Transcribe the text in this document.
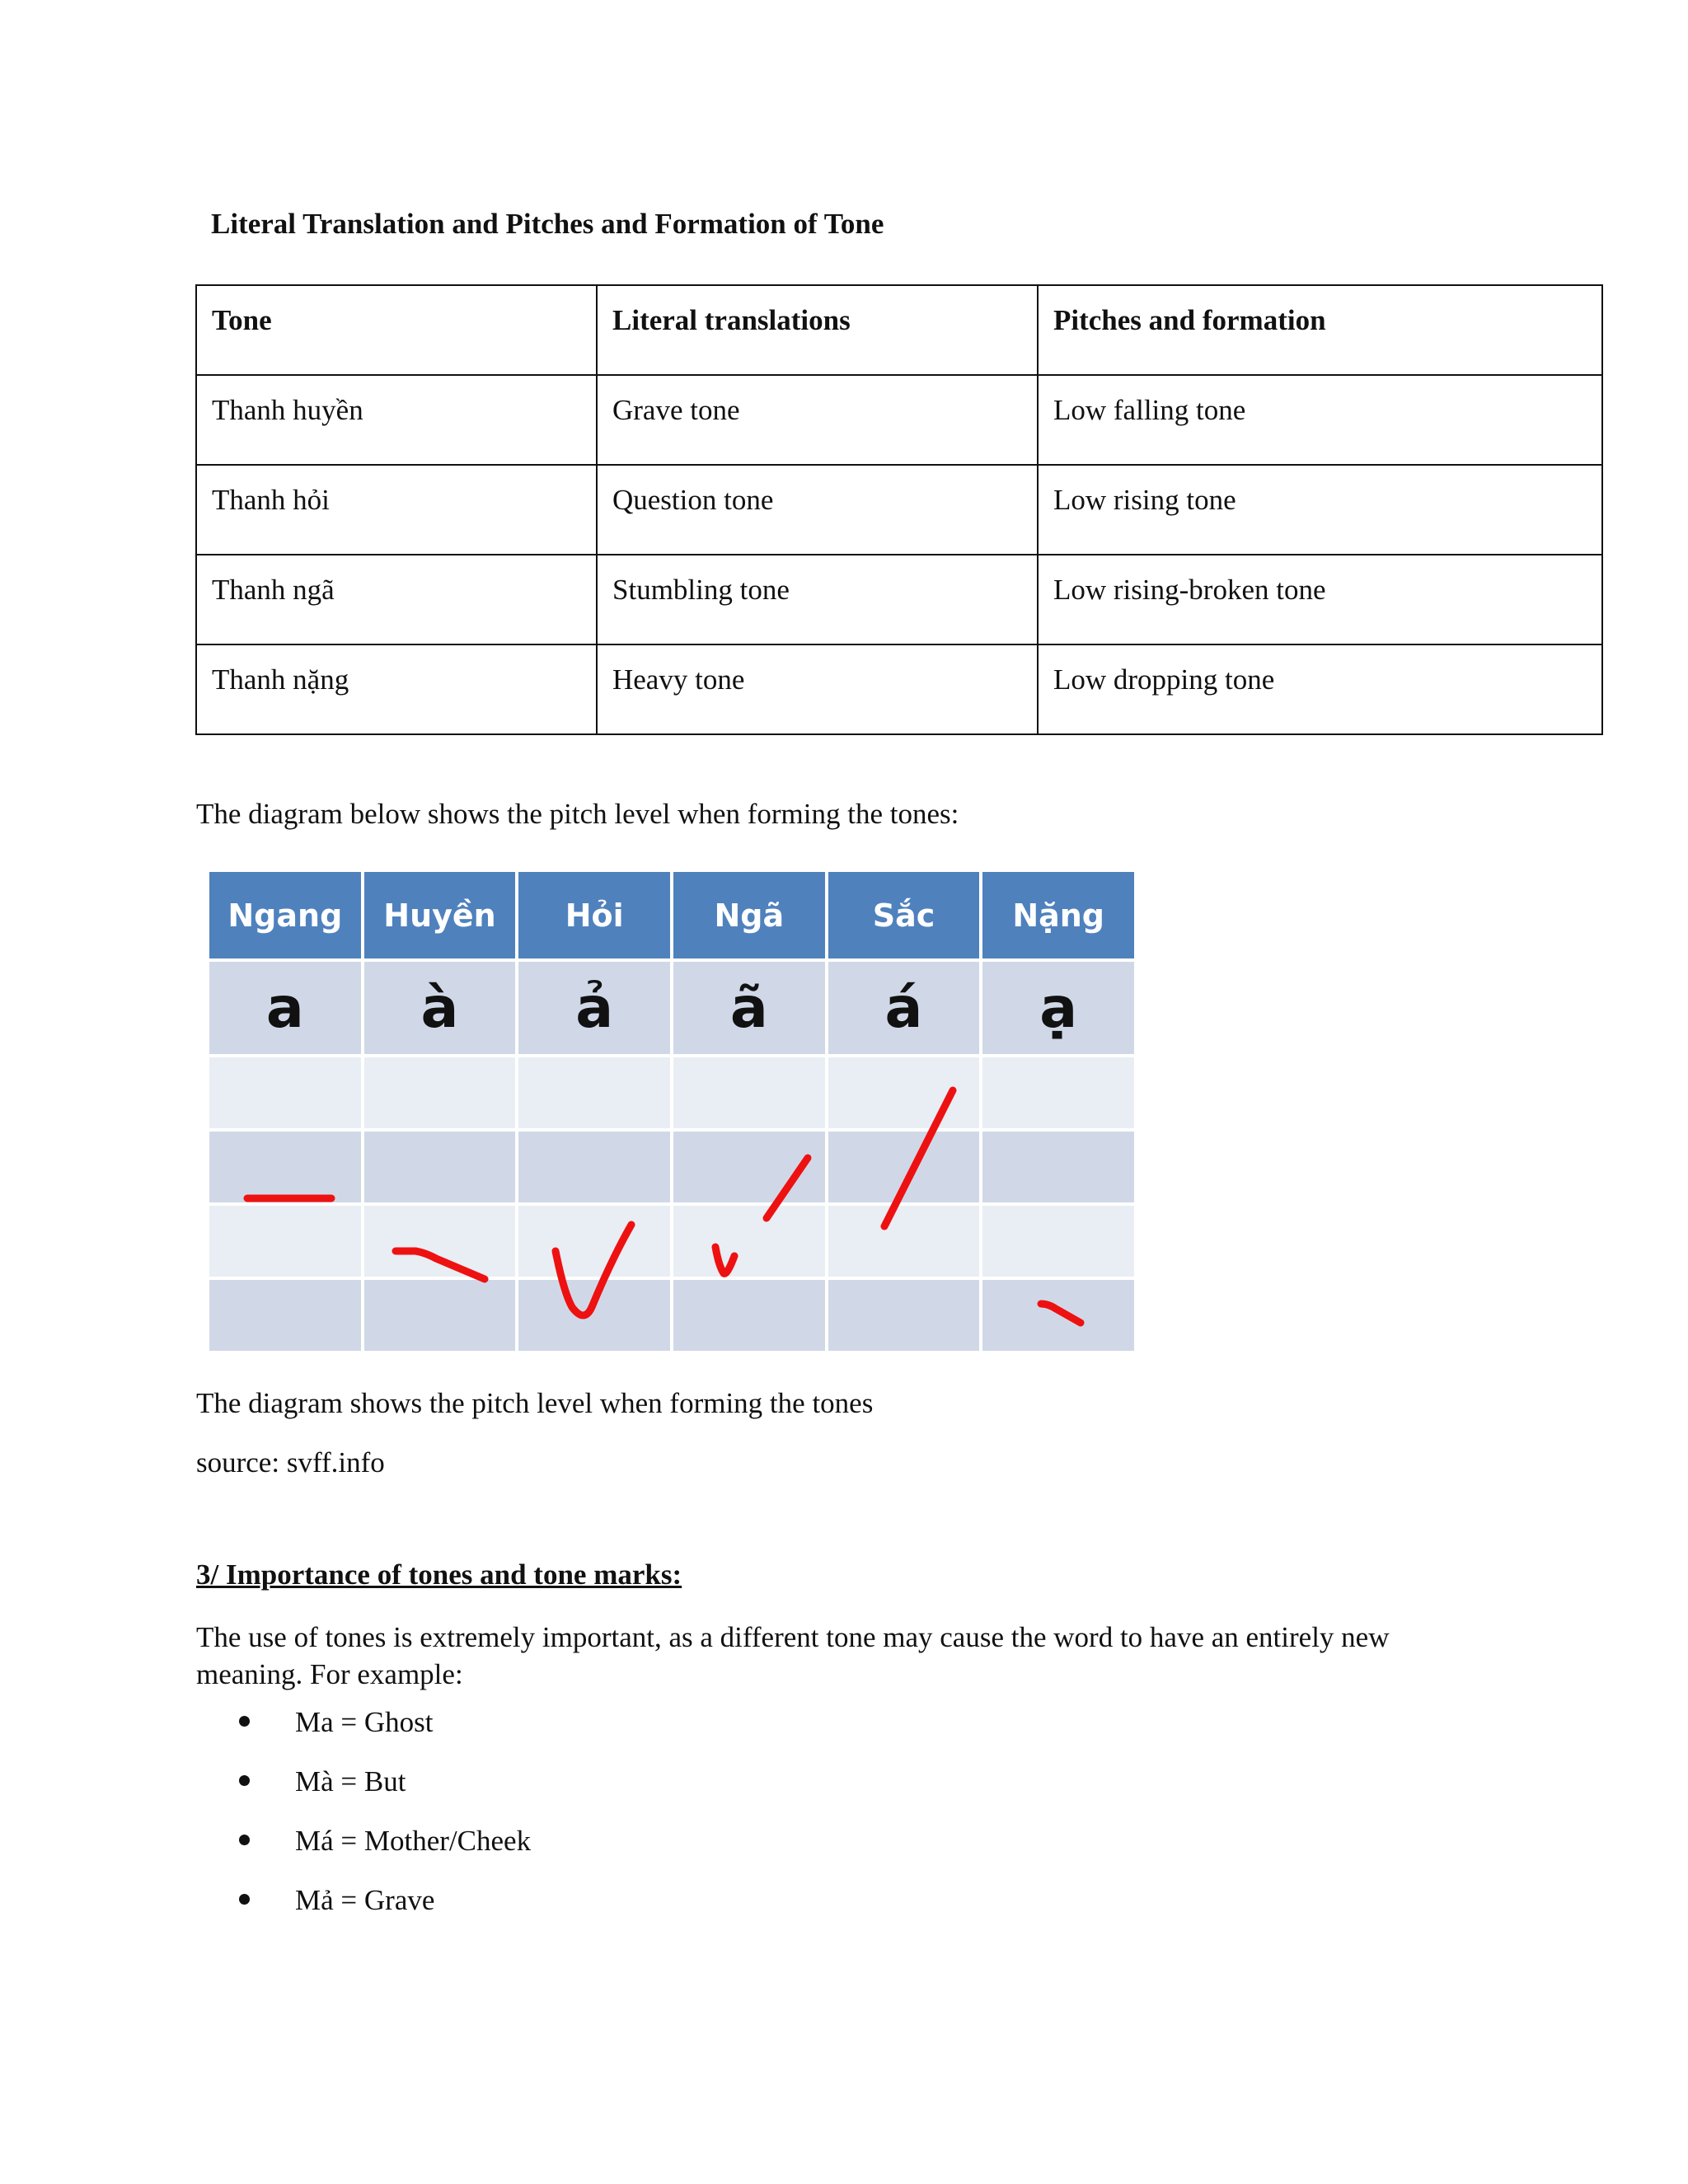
Literal Translation and Pitches and Formation of Tone
Tone	Literal translations	Pitches and formation
Thanh huyền	Grave tone	Low falling tone
Thanh hỏi	Question tone	Low rising tone
Thanh ngã	Stumbling tone	Low rising-broken tone
Thanh nặng	Heavy tone	Low dropping tone
The diagram below shows the pitch level when forming the tones:
Ngang	Huyền	Hỏi	Ngã	Sắc	Nặng
a	à	ả	ã	á	ạ
The diagram shows the pitch level when forming the tones
source: svff.info
3/ Importance of tones and tone marks:
The use of tones is extremely important, as a different tone may cause the word to have an entirely new meaning. For example:
Ma = Ghost
Mà = But
Má = Mother/Cheek
Mả = Grave
